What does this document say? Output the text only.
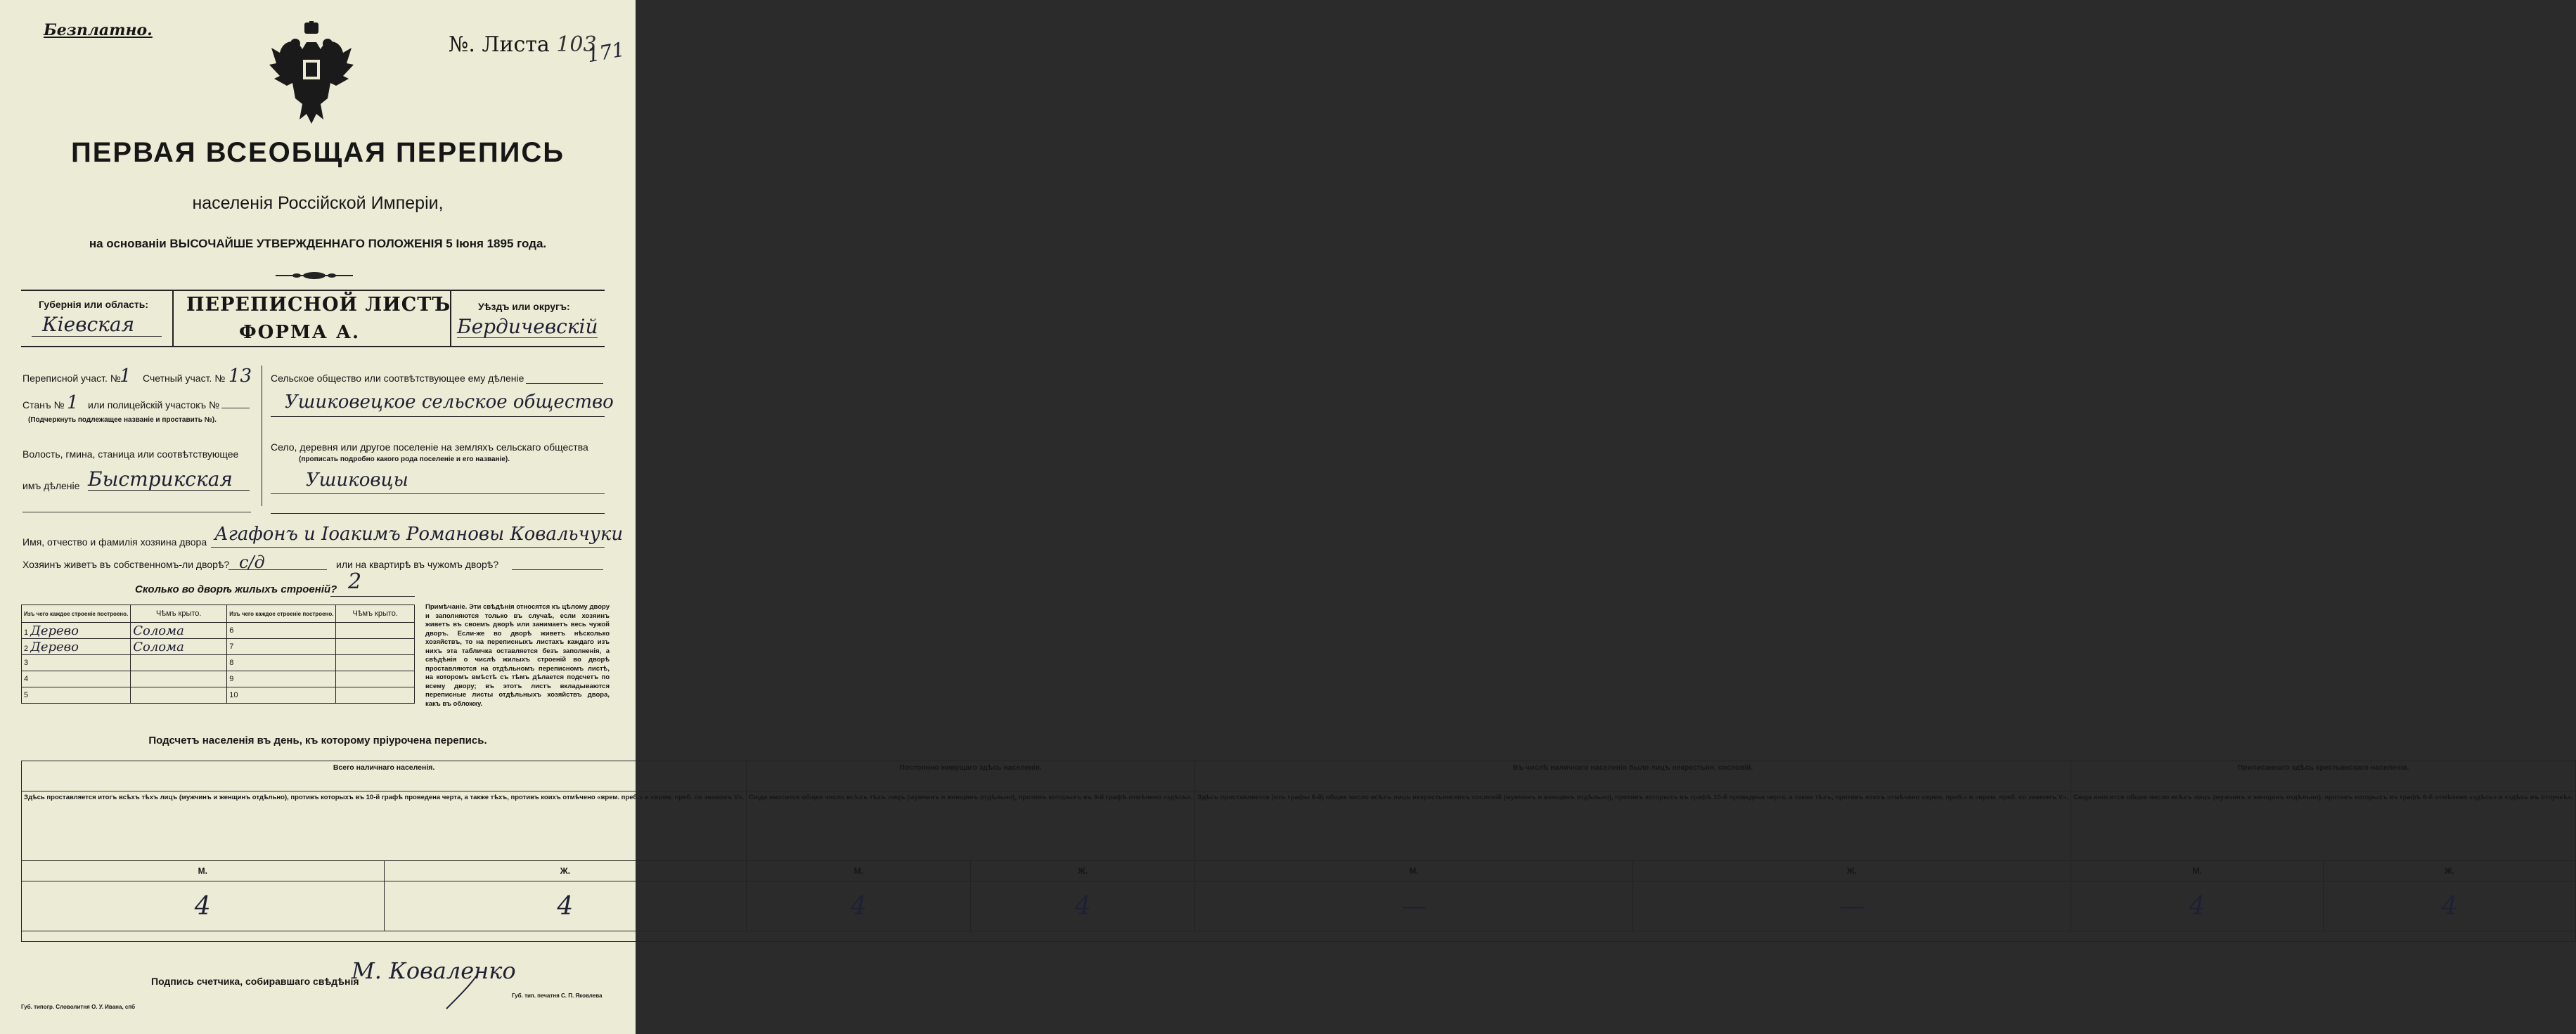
Безплатно.
№. Листа 103
171
ПЕРВАЯ ВСЕОБЩАЯ ПЕРЕПИСЬ
населенія Россійской Имперіи,
на основаніи ВЫСОЧАЙШЕ УТВЕРЖДЕННАГО ПОЛОЖЕНІЯ 5 Іюня 1895 года.
Губернія или область:
Кіевская
ПЕРЕПИСНОЙ ЛИСТЪ
ФОРМА А.
Уѣздъ или округъ:
Бердичевскій
Переписной участ. №
1 Счетный участ. № 13
Станъ № 1 или полицейскій участокъ №
(Подчеркнуть подлежащее названіе и проставить №).
Волость, гмина, станица или соотвѣтствующее
имъ дѣленіе Быстрикская
Сельское общество или соотвѣтствующее ему дѣленіе
Ушиковецкое сельское общество
Село, деревня или другое поселеніе на земляхъ сельскаго общества
(прописать подробно какого рода поселеніе и его названіе).
Ушиковцы
Имя, отчество и фамилія хозяина двора Агафонъ и Іоакимъ Романовы Ковальчуки
Хозяинъ живетъ въ собственномъ-ли дворѣ? с/д	или на квартирѣ въ чужомъ дворѣ?
Сколько во дворѣ жилыхъ строеній? 2
Изъ чего каждое строеніе построено.	Чѣмъ крыто.	Изъ чего каждое строеніе построено.	Чѣмъ крыто.
1 Дерево	Солома	6	
2 Дерево	Солома	7	
3		8	
4		9	
5		10	
Примѣчаніе. Эти свѣдѣнія относятся къ цѣлому двору и заполняются только въ случаѣ, если хозяинъ живетъ въ своемъ дворѣ или занимаетъ весь чужой дворъ. Если-же во дворѣ живетъ нѣсколько хозяйствъ, то на переписныхъ листахъ каждаго изъ нихъ эта табличка оставляется безъ заполненія, а свѣдѣнія о числѣ жилыхъ строеній во дворѣ проставляются на отдѣльномъ переписномъ листѣ, на которомъ вмѣстѣ съ тѣмъ дѣлается подсчетъ по всему двору; въ этотъ листъ вкладываются переписные листы отдѣльныхъ хозяйствъ двора, какъ въ обложку.
Подсчетъ населенія въ день, къ которому пріурочена перепись.
Всего наличнаго населенія.		Постоянно живущаго здѣсь населенія.		Въ числѣ наличнаго населенія было лицъ некрестьян. сословій.		Приписаннаго здѣсь крестьянскаго населенія.	
Здѣсь проставляется итогъ всѣхъ тѣхъ лицъ (мужчинъ и женщинъ отдѣльно), противъ которыхъ въ 10-й графѣ проведена черта, а также тѣхъ, противъ коихъ отмѣчено «врем. преб.» и «врем. преб. со знакомъ V».		Сюда вносится общее число всѣхъ тѣхъ лицъ (мужчинъ и женщинъ отдѣльно), противъ которыхъ въ 9-й графѣ отмѣчено «здѣсь».		Здѣсь проставляется (изъ графы 6-й) общее число всѣхъ лицъ некрестьянскихъ сословій (мужчинъ и женщинъ отдѣльно), противъ которыхъ въ графѣ 10-й проведена черта, а также тѣхъ, противъ коихъ отмѣчено «врем. преб.» и «врем. преб. со знакомъ V».		Сюда вносится общее число всѣхъ лицъ (мужчинъ и женщинъ отдѣльно), противъ которыхъ въ графѣ 8-й отмѣчено «здѣсь» и «здѣсь въ отлучкѣ».	
М.	Ж.	М.	Ж.	М.	Ж.	М.	Ж.
4	4	4	4	—	—	4	4

Подпись счетчика, собиравшаго свѣдѣнія
М. Коваленко
Губ. типогр. Словолитня О. У. Ивана, спб
Губ. тип. печатня С. П. Яковлева
